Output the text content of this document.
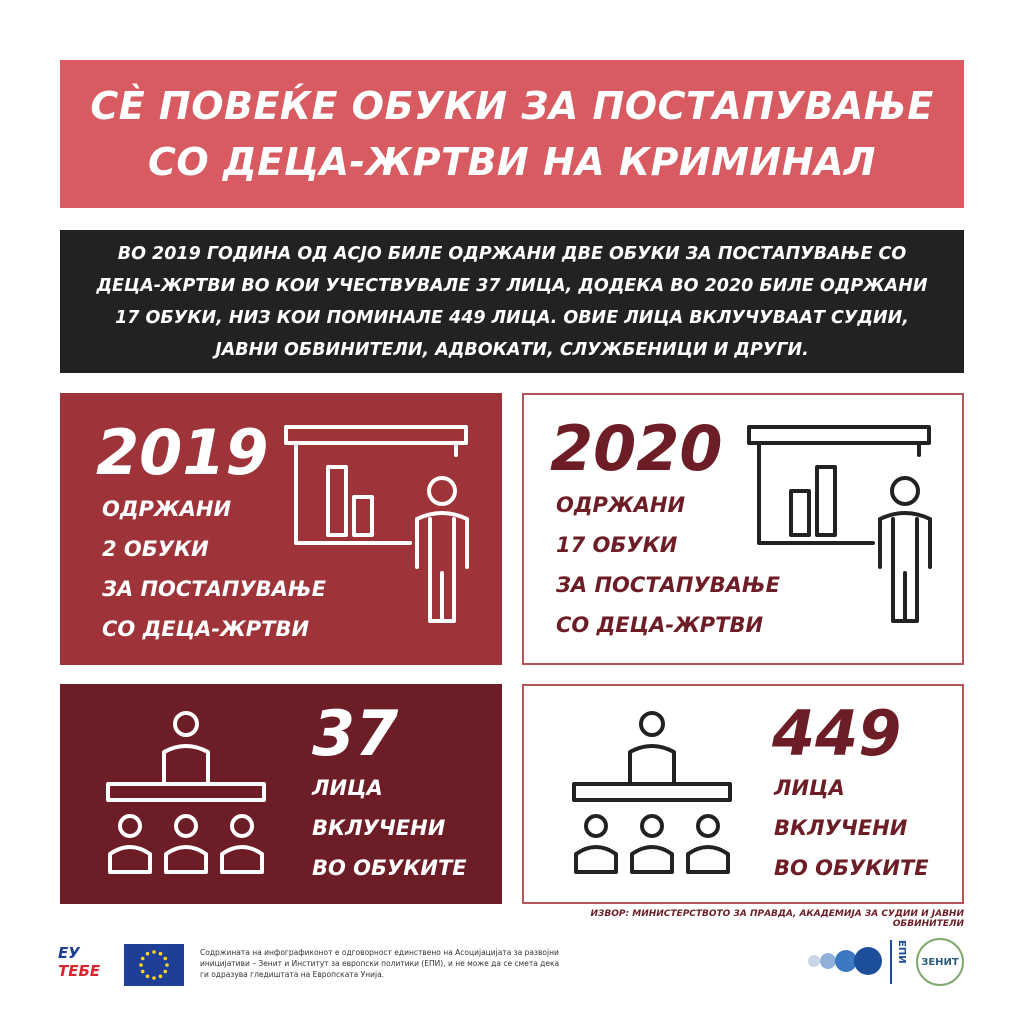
СЀ ПОВЕЌЕ ОБУКИ ЗА ПОСТАПУВАЊЕ
СО ДЕЦА-ЖРТВИ НА КРИМИНАЛ

ВО 2019 ГОДИНА ОД АСЈО БИЛЕ ОДРЖАНИ ДВЕ ОБУКИ ЗА ПОСТАПУВАЊЕ СО ДЕЦА-ЖРТВИ ВО КОИ УЧЕСТВУВАЛЕ 37 ЛИЦА, ДОДЕКА ВО 2020 БИЛЕ ОДРЖАНИ 17 ОБУКИ, НИЗ КОИ ПОМИНАЛЕ 449 ЛИЦА. ОВИЕ ЛИЦА ВКЛУЧУВААТ СУДИИ, ЈАВНИ ОБВИНИТЕЛИ, АДВОКАТИ, СЛУЖБЕНИЦИ И ДРУГИ.

2019
ОДРЖАНИ
2 ОБУКИ
ЗА ПОСТАПУВАЊЕ
СО ДЕЦА-ЖРТВИ
2020
ОДРЖАНИ
17 ОБУКИ
ЗА ПОСТАПУВАЊЕ
СО ДЕЦА-ЖРТВИ
37
ЛИЦА
ВКЛУЧЕНИ
ВО ОБУКИТЕ
449
ЛИЦА
ВКЛУЧЕНИ
ВО ОБУКИТЕ
ИЗВОР: МИНИСТЕРСТВОТО ЗА ПРАВДА, АКАДЕМИЈА ЗА СУДИИ И ЈАВНИ ОБВИНИТЕЛИ
ЕУ
ТЕБЕ
Содржината на инфографиконот е одговорност единствено на Асоцијацијата за развојни иницијативи – Зенит и Институт за европски политики (ЕПИ), и не може да се смета дека ги одразува гледиштата на Европската Унија.
ЕПИ ЗЕНИТ
